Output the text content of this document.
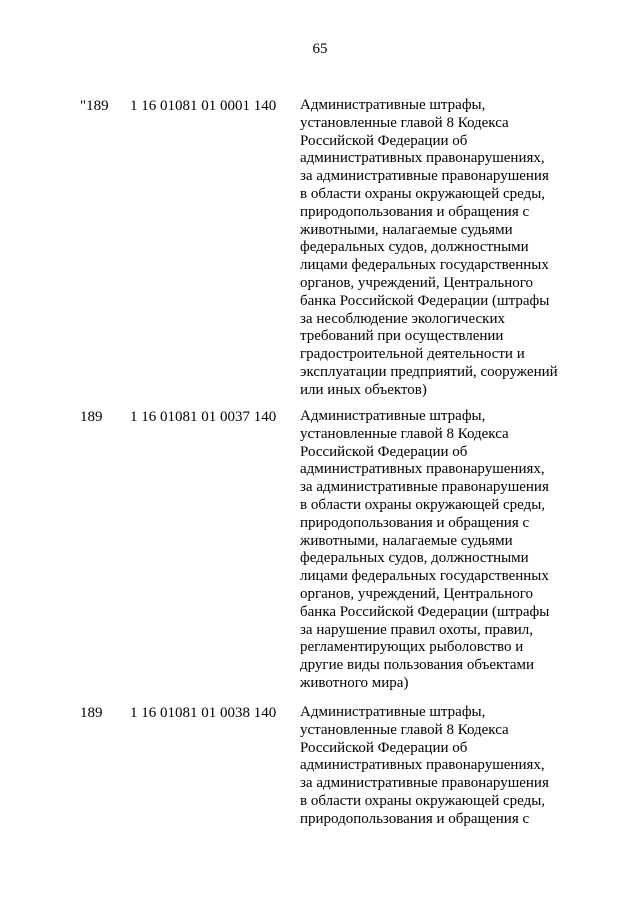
65
"189 1 16 01081 01 0001 140 Административные штрафы,
установленные главой 8 Кодекса
Российской Федерации об
административных правонарушениях,
за административные правонарушения
в области охраны окружающей среды,
природопользования и обращения с
животными, налагаемые судьями
федеральных судов, должностными
лицами федеральных государственных
органов, учреждений, Центрального
банка Российской Федерации (штрафы
за несоблюдение экологических
требований при осуществлении
градостроительной деятельности и
эксплуатации предприятий, сооружений
или иных объектов)
189 1 16 01081 01 0037 140 Административные штрафы,
установленные главой 8 Кодекса
Российской Федерации об
административных правонарушениях,
за административные правонарушения
в области охраны окружающей среды,
природопользования и обращения с
животными, налагаемые судьями
федеральных судов, должностными
лицами федеральных государственных
органов, учреждений, Центрального
банка Российской Федерации (штрафы
за нарушение правил охоты, правил,
регламентирующих рыболовство и
другие виды пользования объектами
животного мира)
189 1 16 01081 01 0038 140 Административные штрафы,
установленные главой 8 Кодекса
Российской Федерации об
административных правонарушениях,
за административные правонарушения
в области охраны окружающей среды,
природопользования и обращения с
